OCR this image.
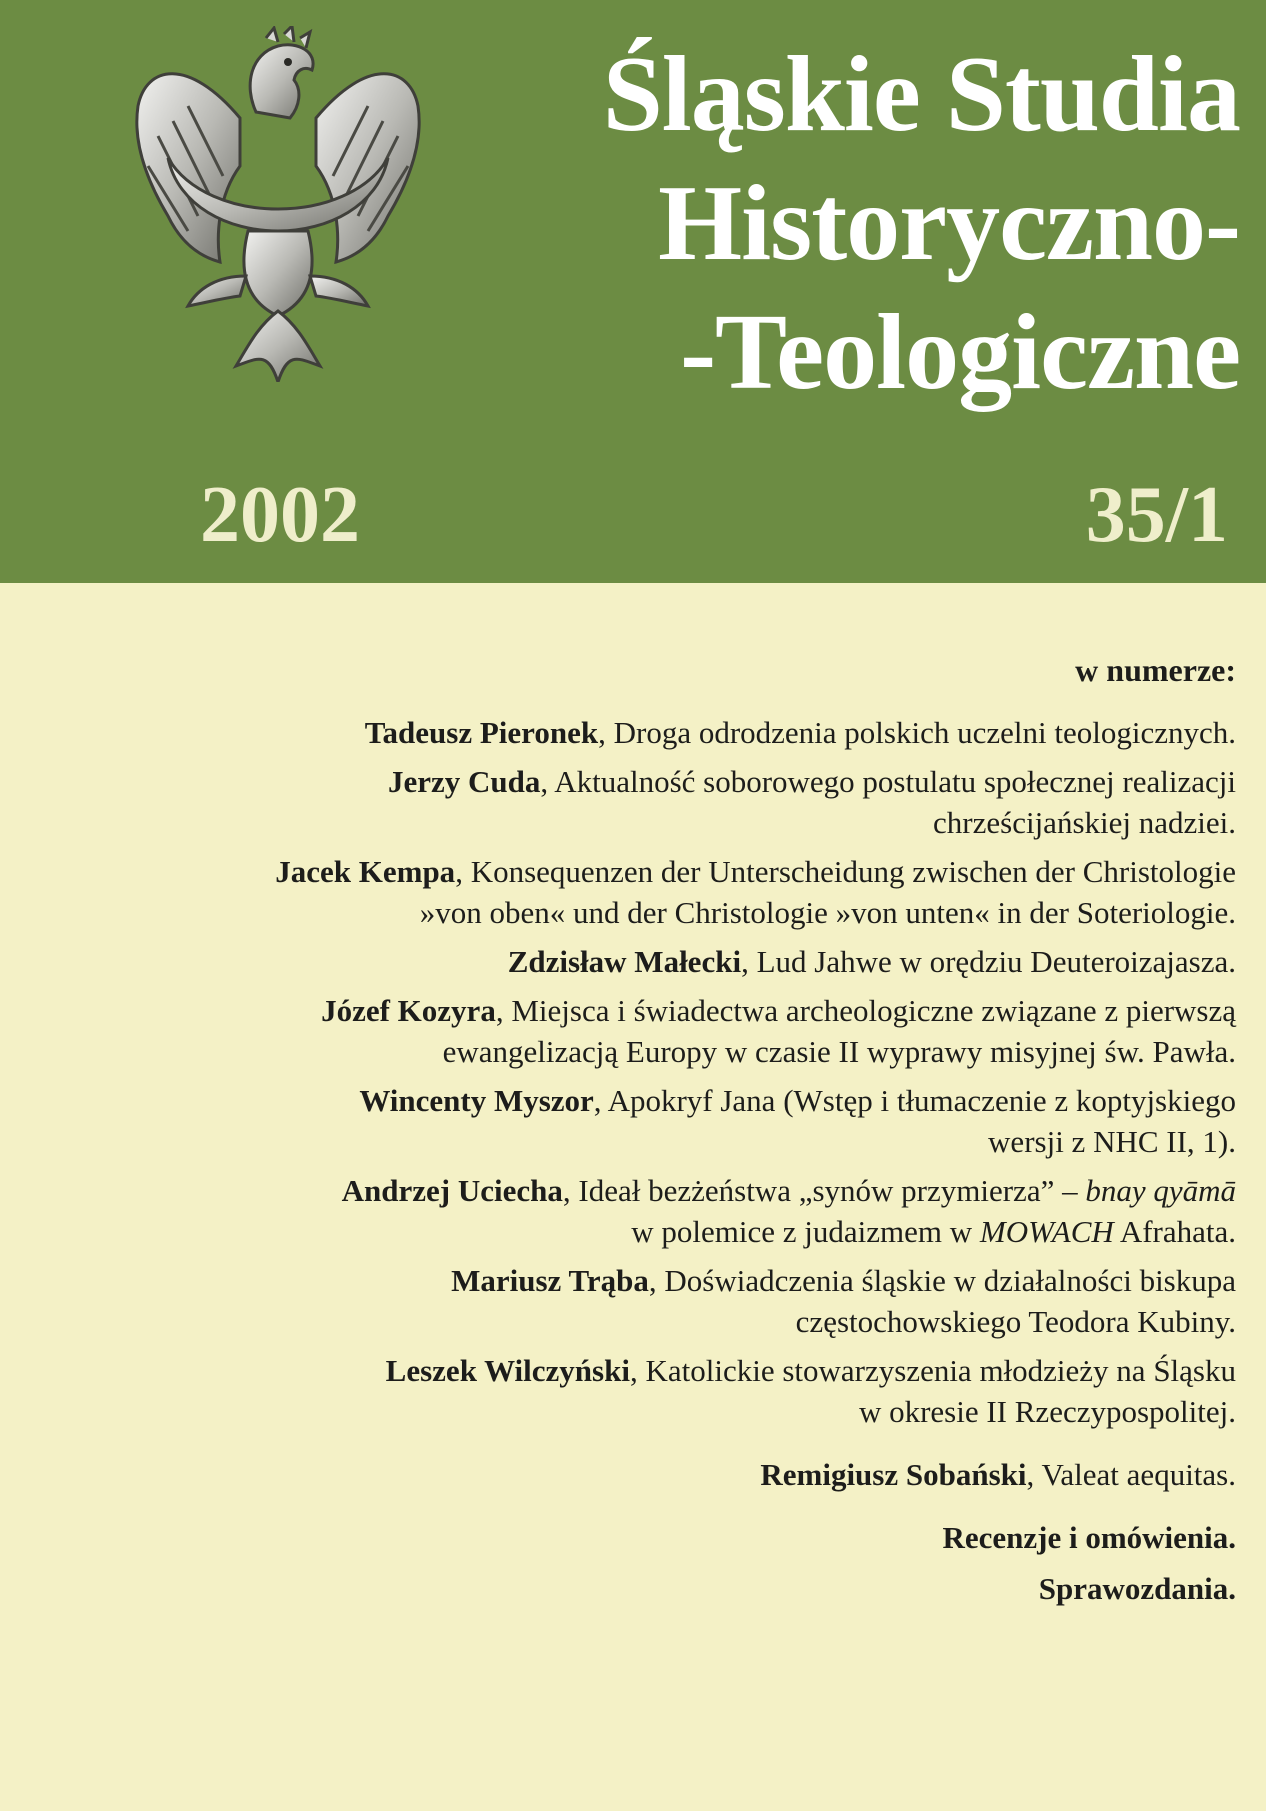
Śląskie Studia
Historyczno-
-Teologiczne
2002	35/1
w numerze:
Tadeusz Pieronek, Droga odrodzenia polskich uczelni teologicznych.
Jerzy Cuda, Aktualność soborowego postulatu społecznej realizacji
chrześcijańskiej nadziei.
Jacek Kempa, Konsequenzen der Unterscheidung zwischen der Christologie
»von oben« und der Christologie »von unten« in der Soteriologie.
Zdzisław Małecki, Lud Jahwe w orędziu Deuteroizajasza.
Józef Kozyra, Miejsca i świadectwa archeologiczne związane z pierwszą
ewangelizacją Europy w czasie II wyprawy misyjnej św. Pawła.
Wincenty Myszor, Apokryf Jana (Wstęp i tłumaczenie z koptyjskiego
wersji z NHC II, 1).
Andrzej Uciecha, Ideał bezżeństwa „synów przymierza” – bnay qyāmā
w polemice z judaizmem w MOWACH Afrahata.
Mariusz Trąba, Doświadczenia śląskie w działalności biskupa
częstochowskiego Teodora Kubiny.
Leszek Wilczyński, Katolickie stowarzyszenia młodzieży na Śląsku
w okresie II Rzeczypospolitej.
Remigiusz Sobański, Valeat aequitas.
Recenzje i omówienia.
Sprawozdania.
